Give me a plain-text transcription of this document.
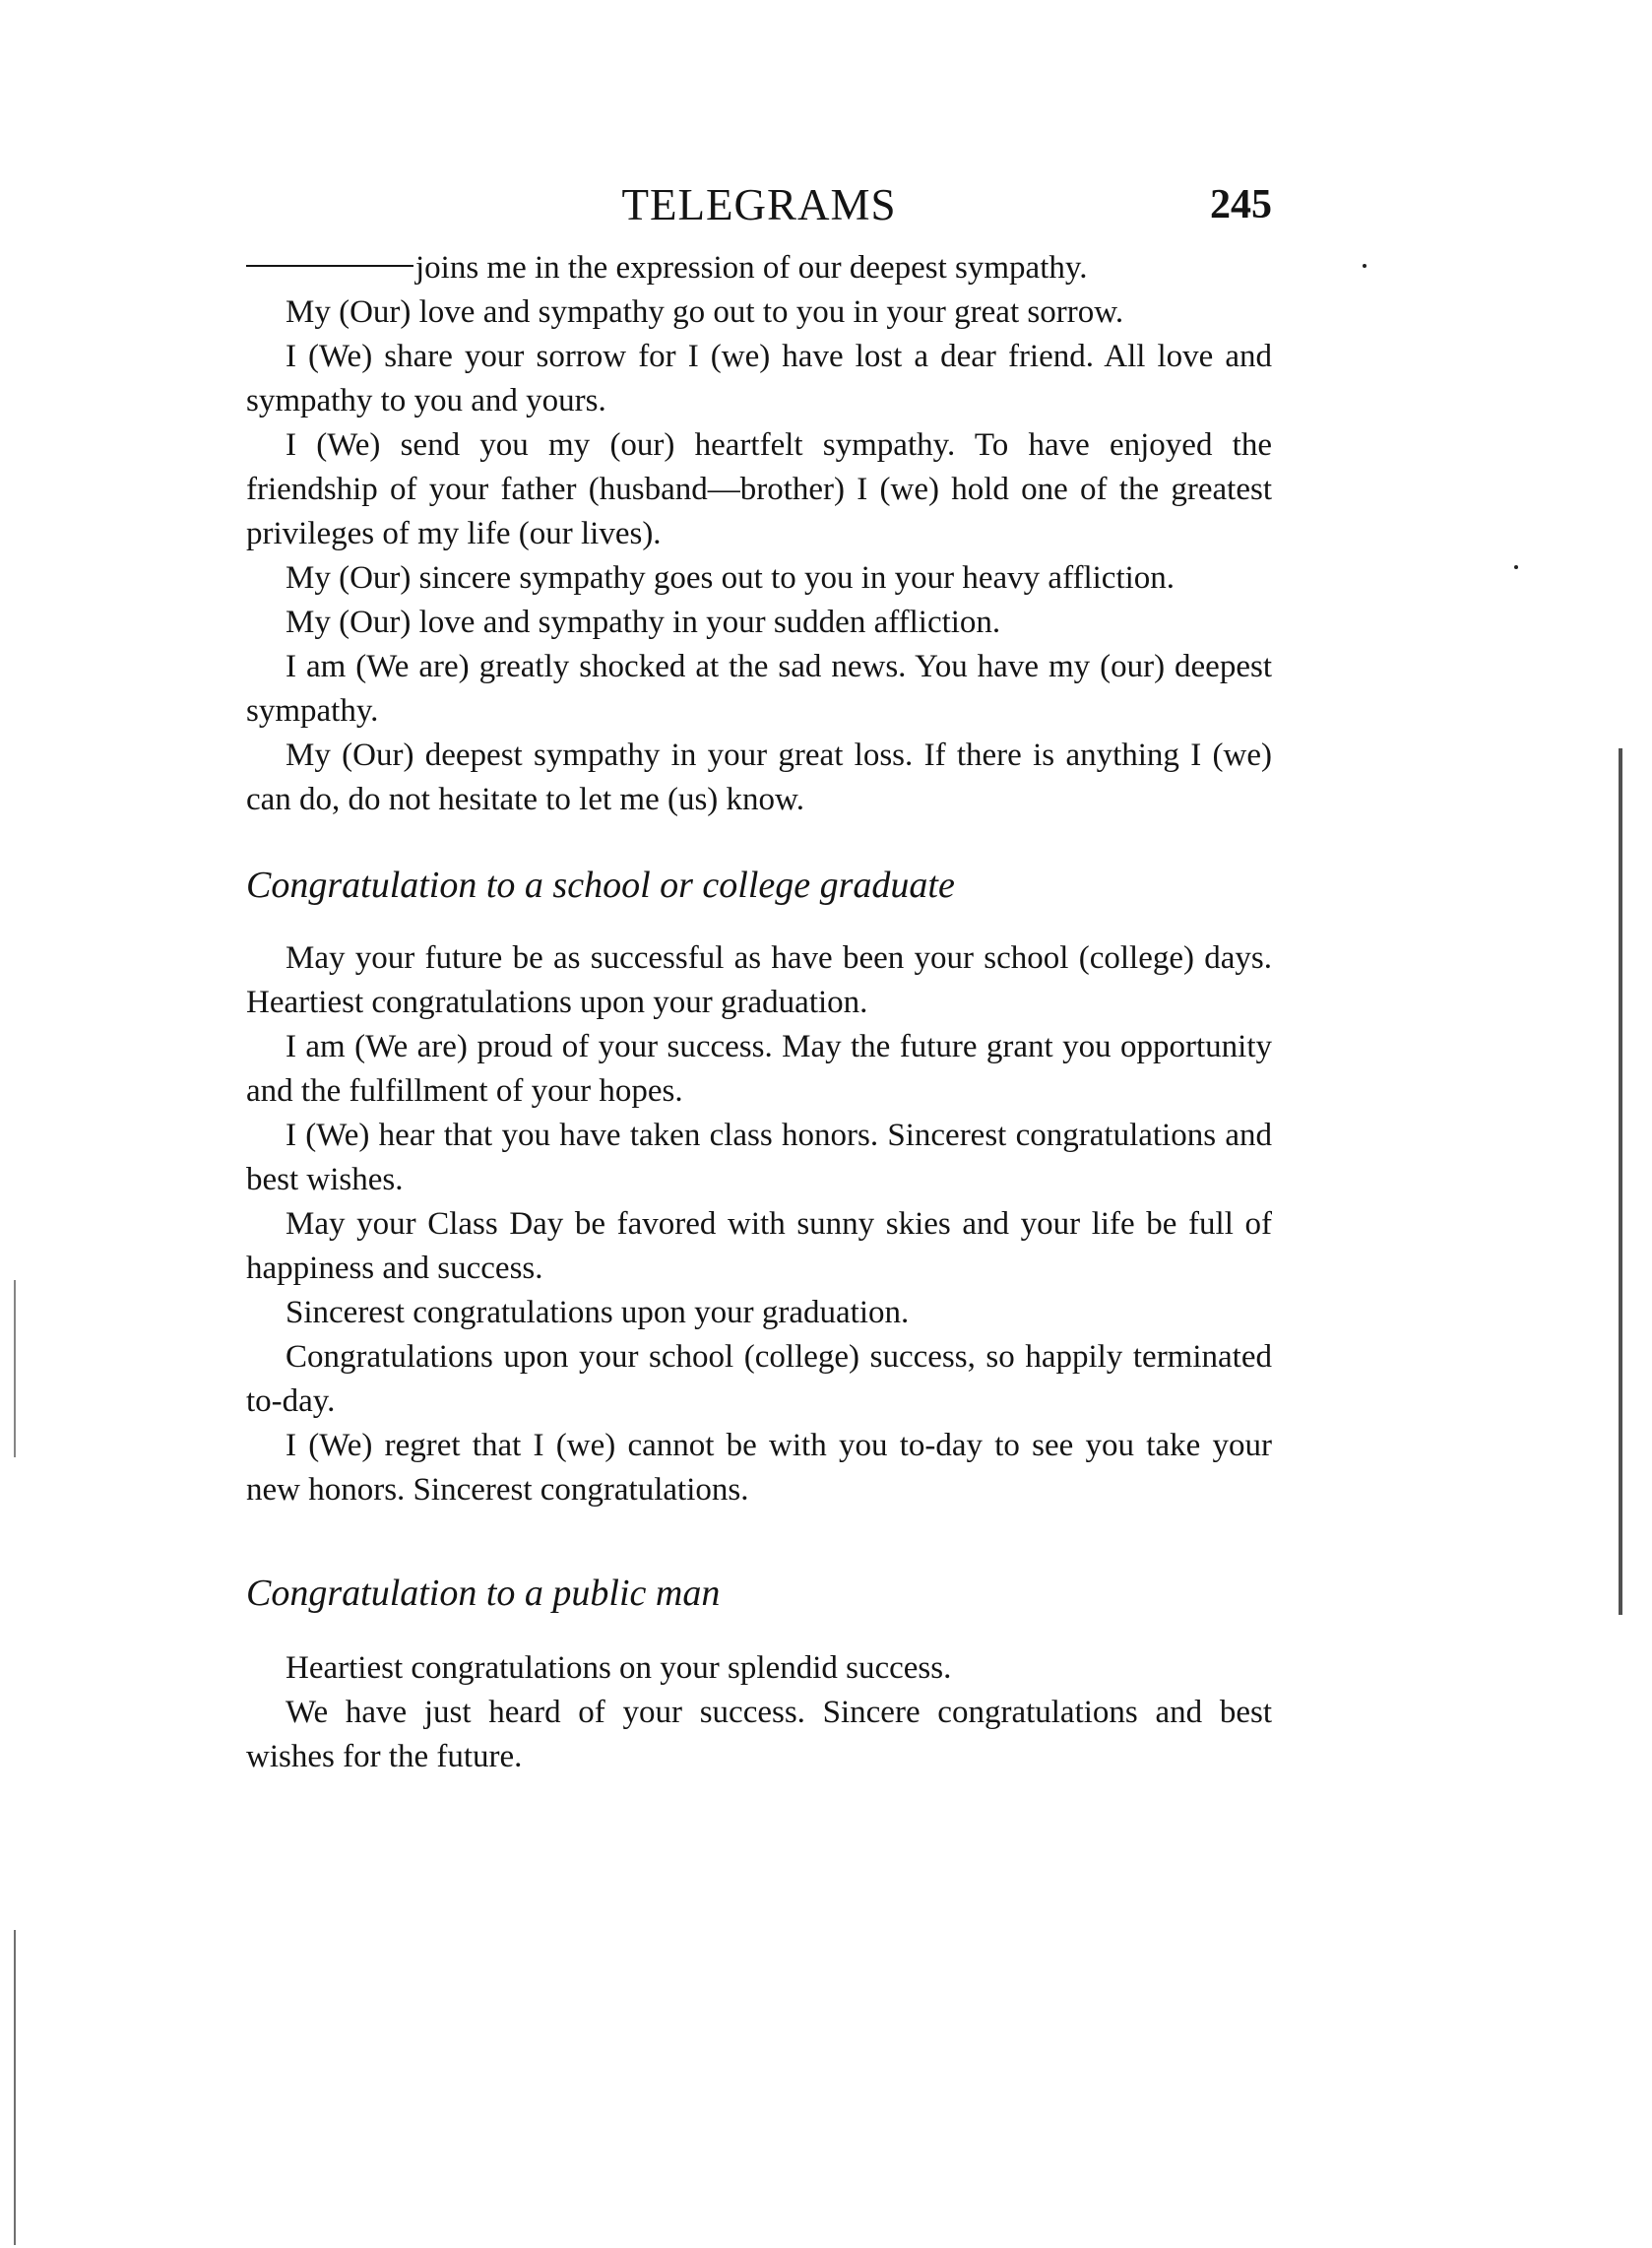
TELEGRAMS	245

joins me in the expression of our deepest sympathy.

My (Our) love and sympathy go out to you in your great sorrow.

I (We) share your sorrow for I (we) have lost a dear friend. All love and sympathy to you and yours.

I (We) send you my (our) heartfelt sympathy. To have enjoyed the friendship of your father (husband—brother) I (we) hold one of the greatest privileges of my life (our lives).

My (Our) sincere sympathy goes out to you in your heavy affliction.

My (Our) love and sympathy in your sudden affliction.

I am (We are) greatly shocked at the sad news. You have my (our) deepest sympathy.

My (Our) deepest sympathy in your great loss. If there is anything I (we) can do, do not hesitate to let me (us) know.

Congratulation to a school or college graduate

May your future be as successful as have been your school (college) days. Heartiest congratulations upon your graduation.

I am (We are) proud of your success. May the future grant you opportunity and the fulfillment of your hopes.

I (We) hear that you have taken class honors. Sincerest congratulations and best wishes.

May your Class Day be favored with sunny skies and your life be full of happiness and success.

Sincerest congratulations upon your graduation.

Congratulations upon your school (college) success, so happily terminated to-day.

I (We) regret that I (we) cannot be with you to-day to see you take your new honors. Sincerest congratulations.

Congratulation to a public man

Heartiest congratulations on your splendid success.

We have just heard of your success. Sincere congratulations and best wishes for the future.
